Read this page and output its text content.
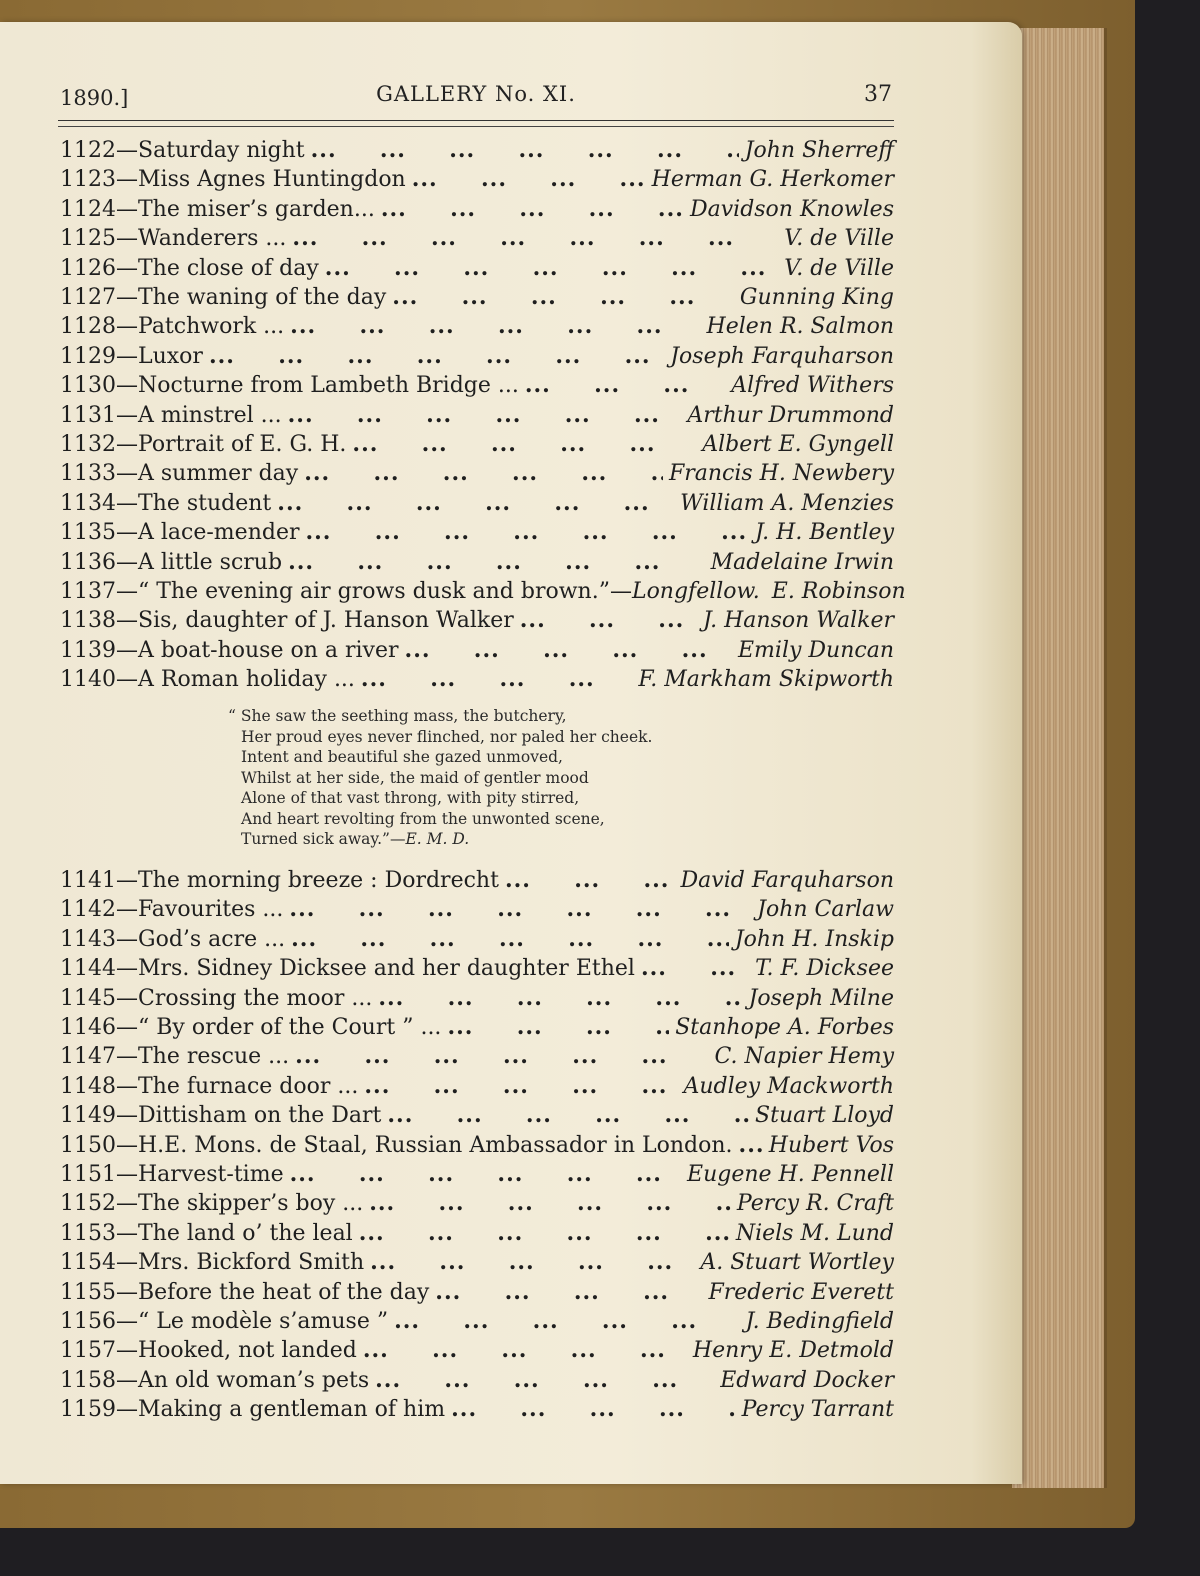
1890.]	GALLERY No. XI.	37
1122— Saturday night ...	John Sherreff
1123— Miss Agnes Huntingdon ...	Herman G. Herkomer
1124— The miser’s garden... ...	Davidson Knowles
1125— Wanderers ... ...	V. de Ville
1126— The close of day ...	V. de Ville
1127— The waning of the day ...	Gunning King
1128— Patchwork ... ...	Helen R. Salmon
1129— Luxor ...	Joseph Farquharson
1130— Nocturne from Lambeth Bridge ... ...	Alfred Withers
1131— A minstrel ... ...	Arthur Drummond
1132— Portrait of E. G. H. ...	Albert E. Gyngell
1133— A summer day ...	Francis H. Newbery
1134— The student ...	William A. Menzies
1135— A lace-mender ...	J. H. Bentley
1136— A little scrub ...	Madelaine Irwin
1137— “ The evening air grows dusk and brown.”— Longfellow. E. Robinson
1138— Sis, daughter of J. Hanson Walker ...	J. Hanson Walker
1139— A boat-house on a river ...	Emily Duncan
1140— A Roman holiday ... ...	F. Markham Skipworth
“ She saw the seething mass, the butchery,
Her proud eyes never flinched, nor paled her cheek.
Intent and beautiful she gazed unmoved,
Whilst at her side, the maid of gentler mood
Alone of that vast throng, with pity stirred,
And heart revolting from the unwonted scene,
Turned sick away.”—E. M. D.
1141— The morning breeze : Dordrecht ...	David Farquharson
1142— Favourites ... ...	John Carlaw
1143— God’s acre ... ...	John H. Inskip
1144— Mrs. Sidney Dicksee and her daughter Ethel ...	T. F. Dicksee
1145— Crossing the moor ... ...	Joseph Milne
1146— “ By order of the Court ” ... ...	Stanhope A. Forbes
1147— The rescue ... ...	C. Napier Hemy
1148— The furnace door ... ...	Audley Mackworth
1149— Dittisham on the Dart ...	Stuart Lloyd
1150— H.E. Mons. de Staal, Russian Ambassador in London. ... Hubert Vos
1151— Harvest-time ...	Eugene H. Pennell
1152— The skipper’s boy ... ...	Percy R. Craft
1153— The land o’ the leal ...	Niels M. Lund
1154— Mrs. Bickford Smith ...	A. Stuart Wortley
1155— Before the heat of the day ...	Frederic Everett
1156— “ Le modèle s’amuse ” ...	J. Bedingfield
1157— Hooked, not landed ...	Henry E. Detmold
1158— An old woman’s pets ...	Edward Docker
1159— Making a gentleman of him ...	Percy Tarrant
